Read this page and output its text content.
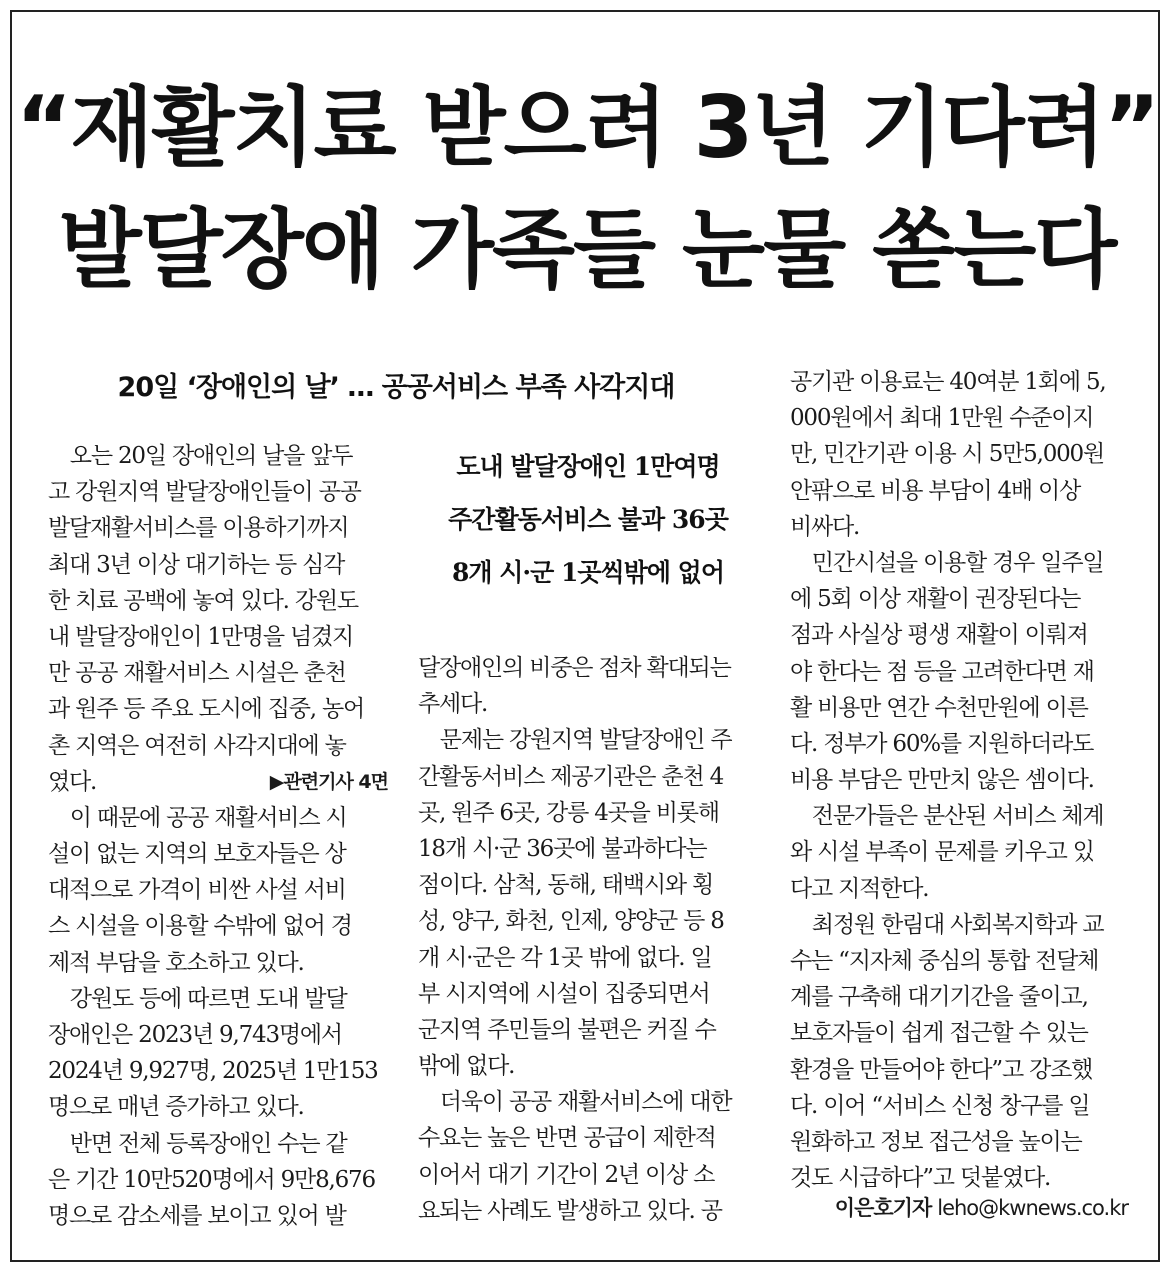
“재활치료 받으려 3년 기다려”
발달장애 가족들 눈물 쏟는다
20일 ‘장애인의 날’ … 공공서비스 부족 사각지대
　오는 20일 장애인의 날을 앞두
고 강원지역 발달장애인들이 공공
발달재활서비스를 이용하기까지
최대 3년 이상 대기하는 등 심각
한 치료 공백에 놓여 있다. 강원도
내 발달장애인이 1만명을 넘겼지
만 공공 재활서비스 시설은 춘천
과 원주 등 주요 도시에 집중, 농어
촌 지역은 여전히 사각지대에 놓
였다.	▶관련기사 4면
　이 때문에 공공 재활서비스 시
설이 없는 지역의 보호자들은 상
대적으로 가격이 비싼 사설 서비
스 시설을 이용할 수밖에 없어 경
제적 부담을 호소하고 있다.
　강원도 등에 따르면 도내 발달
장애인은 2023년 9,743명에서
2024년 9,927명, 2025년 1만153
명으로 매년 증가하고 있다.
　반면 전체 등록장애인 수는 같
은 기간 10만520명에서 9만8,676
명으로 감소세를 보이고 있어 발
도내 발달장애인 1만여명
주간활동서비스 불과 36곳
8개 시·군 1곳씩밖에 없어
달장애인의 비중은 점차 확대되는
추세다.
　문제는 강원지역 발달장애인 주
간활동서비스 제공기관은 춘천 4
곳, 원주 6곳, 강릉 4곳을 비롯해
18개 시·군 36곳에 불과하다는
점이다. 삼척, 동해, 태백시와 횡
성, 양구, 화천, 인제, 양양군 등 8
개 시·군은 각 1곳 밖에 없다. 일
부 시지역에 시설이 집중되면서
군지역 주민들의 불편은 커질 수
밖에 없다.
　더욱이 공공 재활서비스에 대한
수요는 높은 반면 공급이 제한적
이어서 대기 기간이 2년 이상 소
요되는 사례도 발생하고 있다. 공
공기관 이용료는 40여분 1회에 5,
000원에서 최대 1만원 수준이지
만, 민간기관 이용 시 5만5,000원
안팎으로 비용 부담이 4배 이상
비싸다.
　민간시설을 이용할 경우 일주일
에 5회 이상 재활이 권장된다는
점과 사실상 평생 재활이 이뤄져
야 한다는 점 등을 고려한다면 재
활 비용만 연간 수천만원에 이른
다. 정부가 60%를 지원하더라도
비용 부담은 만만치 않은 셈이다.
　전문가들은 분산된 서비스 체계
와 시설 부족이 문제를 키우고 있
다고 지적한다.
　최정원 한림대 사회복지학과 교
수는 “지자체 중심의 통합 전달체
계를 구축해 대기기간을 줄이고,
보호자들이 쉽게 접근할 수 있는
환경을 만들어야 한다”고 강조했
다. 이어 “서비스 신청 창구를 일
원화하고 정보 접근성을 높이는
것도 시급하다”고 덧붙였다.
이은호기자 leho@kwnews.co.kr
